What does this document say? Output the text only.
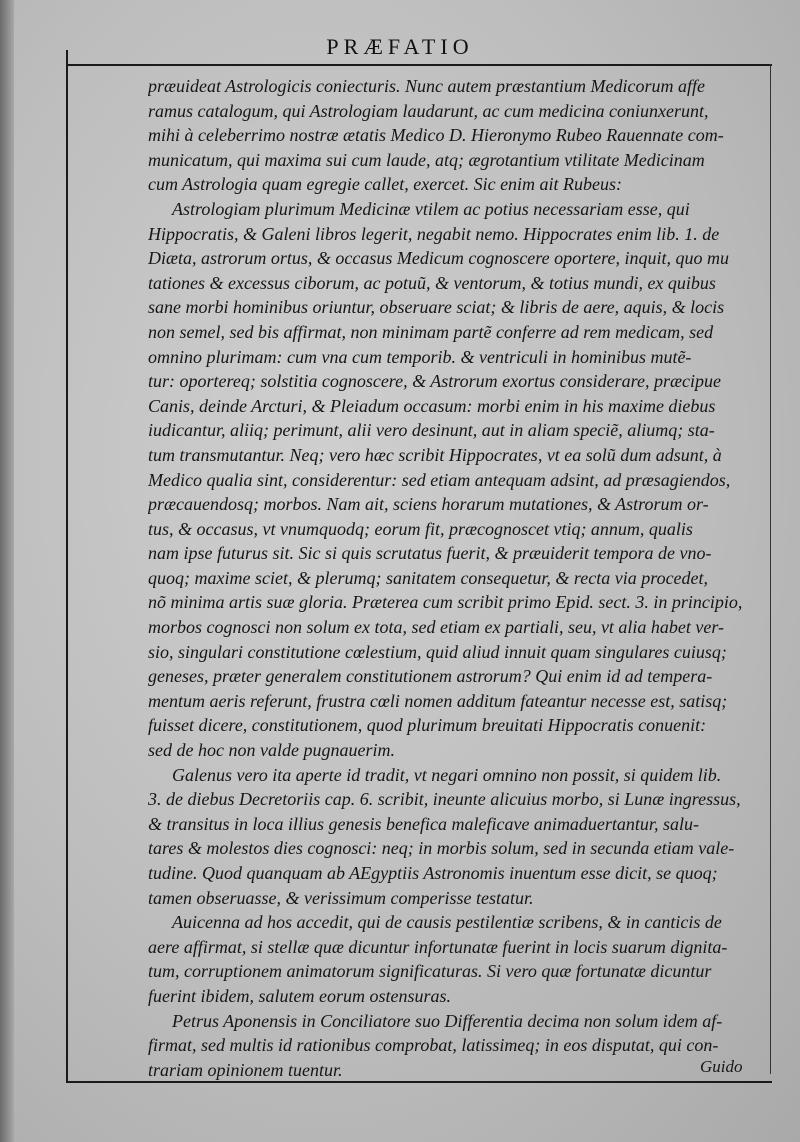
PRÆFATIO
præuideat Astrologicis coniecturis. Nunc autem præstantium Medicorum affe
ramus catalogum, qui Astrologiam laudarunt, ac cum medicina coniunxerunt,
mihi à celeberrimo nostræ ætatis Medico D. Hieronymo Rubeo Rauennate com-
municatum, qui maxima sui cum laude, atq; ægrotantium vtilitate Medicinam
cum Astrologia quam egregie callet, exercet. Sic enim ait Rubeus:
Astrologiam plurimum Medicinæ vtilem ac potius necessariam esse, qui
Hippocratis, & Galeni libros legerit, negabit nemo. Hippocrates enim lib. 1. de
Diæta, astrorum ortus, & occasus Medicum cognoscere oportere, inquit, quo mu
tationes & excessus ciborum, ac potuũ, & ventorum, & totius mundi, ex quibus
sane morbi hominibus oriuntur, obseruare sciat; & libris de aere, aquis, & locis
non semel, sed bis affirmat, non minimam partẽ conferre ad rem medicam, sed
omnino plurimam: cum vna cum temporib. & ventriculi in hominibus mutẽ-
tur: oportereq; solstitia cognoscere, & Astrorum exortus considerare, præcipue
Canis, deinde Arcturi, & Pleiadum occasum: morbi enim in his maxime diebus
iudicantur, aliiq; perimunt, alii vero desinunt, aut in aliam speciẽ, aliumq; sta-
tum transmutantur. Neq; vero hæc scribit Hippocrates, vt ea solũ dum adsunt, à
Medico qualia sint, considerentur: sed etiam antequam adsint, ad præsagiendos,
præcauendosq; morbos. Nam ait, sciens horarum mutationes, & Astrorum or-
tus, & occasus, vt vnumquodq; eorum fit, præcognoscet vtiq; annum, qualis
nam ipse futurus sit. Sic si quis scrutatus fuerit, & præuiderit tempora de vno-
quoq; maxime sciet, & plerumq; sanitatem consequetur, & recta via procedet,
nõ minima artis suæ gloria. Præterea cum scribit primo Epid. sect. 3. in principio,
morbos cognosci non solum ex tota, sed etiam ex partiali, seu, vt alia habet ver-
sio, singulari constitutione cœlestium, quid aliud innuit quam singulares cuiusq;
geneses, præter generalem constitutionem astrorum? Qui enim id ad tempera-
mentum aeris referunt, frustra cœli nomen additum fateantur necesse est, satisq;
fuisset dicere, constitutionem, quod plurimum breuitati Hippocratis conuenit:
sed de hoc non valde pugnauerim.
Galenus vero ita aperte id tradit, vt negari omnino non possit, si quidem lib.
3. de diebus Decretoriis cap. 6. scribit, ineunte alicuius morbo, si Lunæ ingressus,
& transitus in loca illius genesis benefica maleficave animaduertantur, salu-
tares & molestos dies cognosci: neq; in morbis solum, sed in secunda etiam vale-
tudine. Quod quanquam ab AEgyptiis Astronomis inuentum esse dicit, se quoq;
tamen obseruasse, & verissimum comperisse testatur.
Auicenna ad hos accedit, qui de causis pestilentiæ scribens, & in canticis de
aere affirmat, si stellæ quæ dicuntur infortunatæ fuerint in locis suarum dignita-
tum, corruptionem animatorum significaturas. Si vero quæ fortunatæ dicuntur
fuerint ibidem, salutem eorum ostensuras.
Petrus Aponensis in Conciliatore suo Differentia decima non solum idem af-
firmat, sed multis id rationibus comprobat, latissimeq; in eos disputat, qui con-
trariam opinionem tuentur.	Guido
